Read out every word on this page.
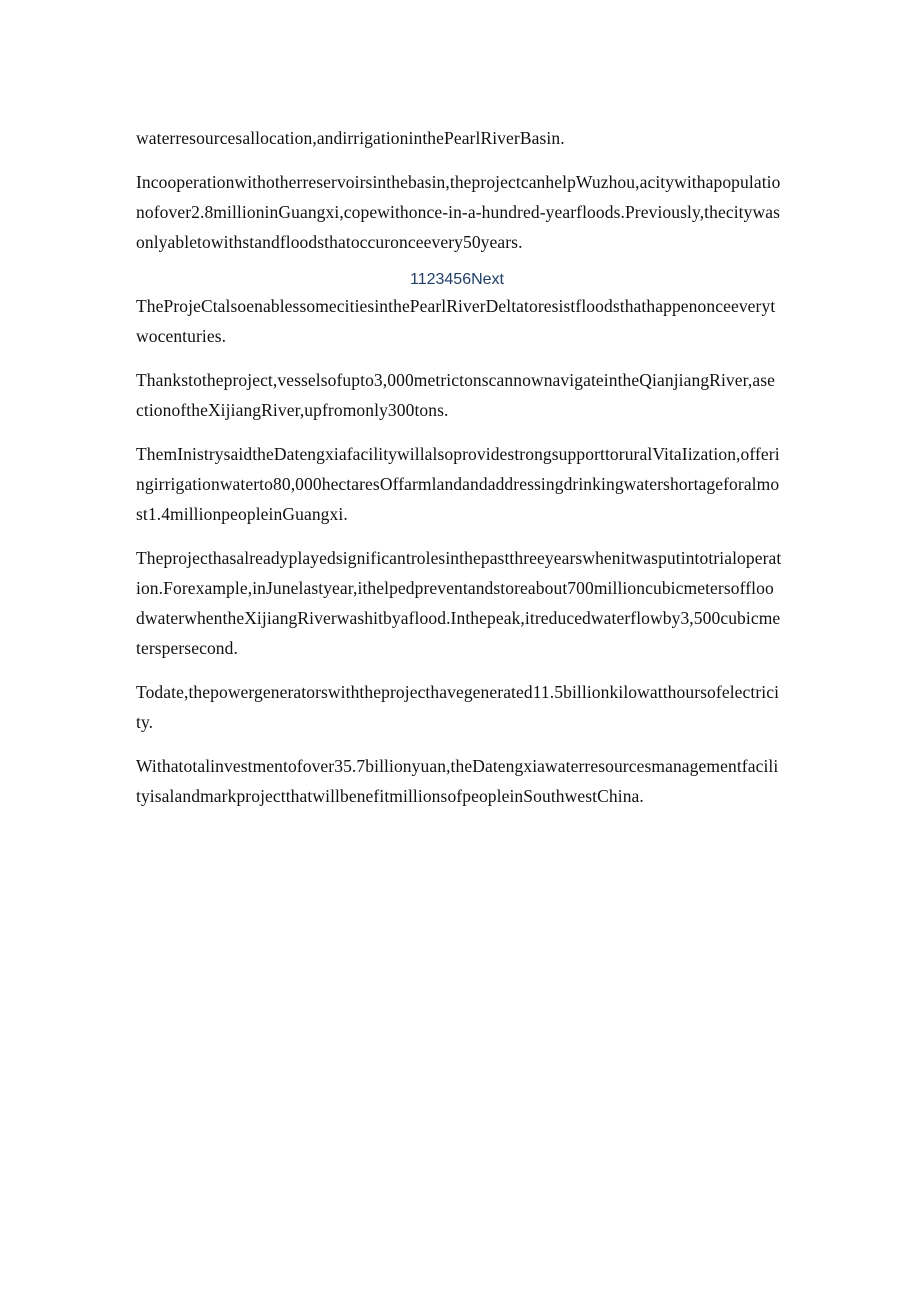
waterresourcesallocation,andirrigationinthePearlRiverBasin.

Incooperationwithotherreservoirsinthebasin,theprojectcanhelpWuzhou,acitywithapopulationofover2.8millioninGuangxi,copewithonce-in-a-hundred-yearfloods.Previously,thecitywasonlyabletowithstandfloodsthatoccuronceevery50years.

1123456Next

TheProjeCtalsoenablessomecitiesinthePearlRiverDeltatoresistfloodsthathappenonceeverytwocenturies.

Thankstotheproject,vesselsofupto3,000metrictonscannownavigateintheQianjiangRiver,asectionoftheXijiangRiver,upfromonly300tons.

ThemInistrysaidtheDatengxiafacilitywillalsoprovidestrongsupporttoruralVitaIization,offeringirrigationwaterto80,000hectaresOffarmlandandaddressingdrinkingwatershortageforalmost1.4millionpeopleinGuangxi.

Theprojecthasalreadyplayedsignificantrolesinthepastthreeyearswhenitwasputintotrialoperation.Forexample,inJunelastyear,ithelpedpreventandstoreabout700millioncubicmetersoffloodwaterwhentheXijiangRiverwashitbyaflood.Inthepeak,itreducedwaterflowby3,500cubicmeterspersecond.

Todate,thepowergeneratorswiththeprojecthavegenerated11.5billionkilowatthoursofelectricity.

Withatotalinvestmentofover35.7billionyuan,theDatengxiawaterresourcesmanagementfacilityisalandmarkprojectthatwillbenefitmillionsofpeopleinSouthwestChina.
